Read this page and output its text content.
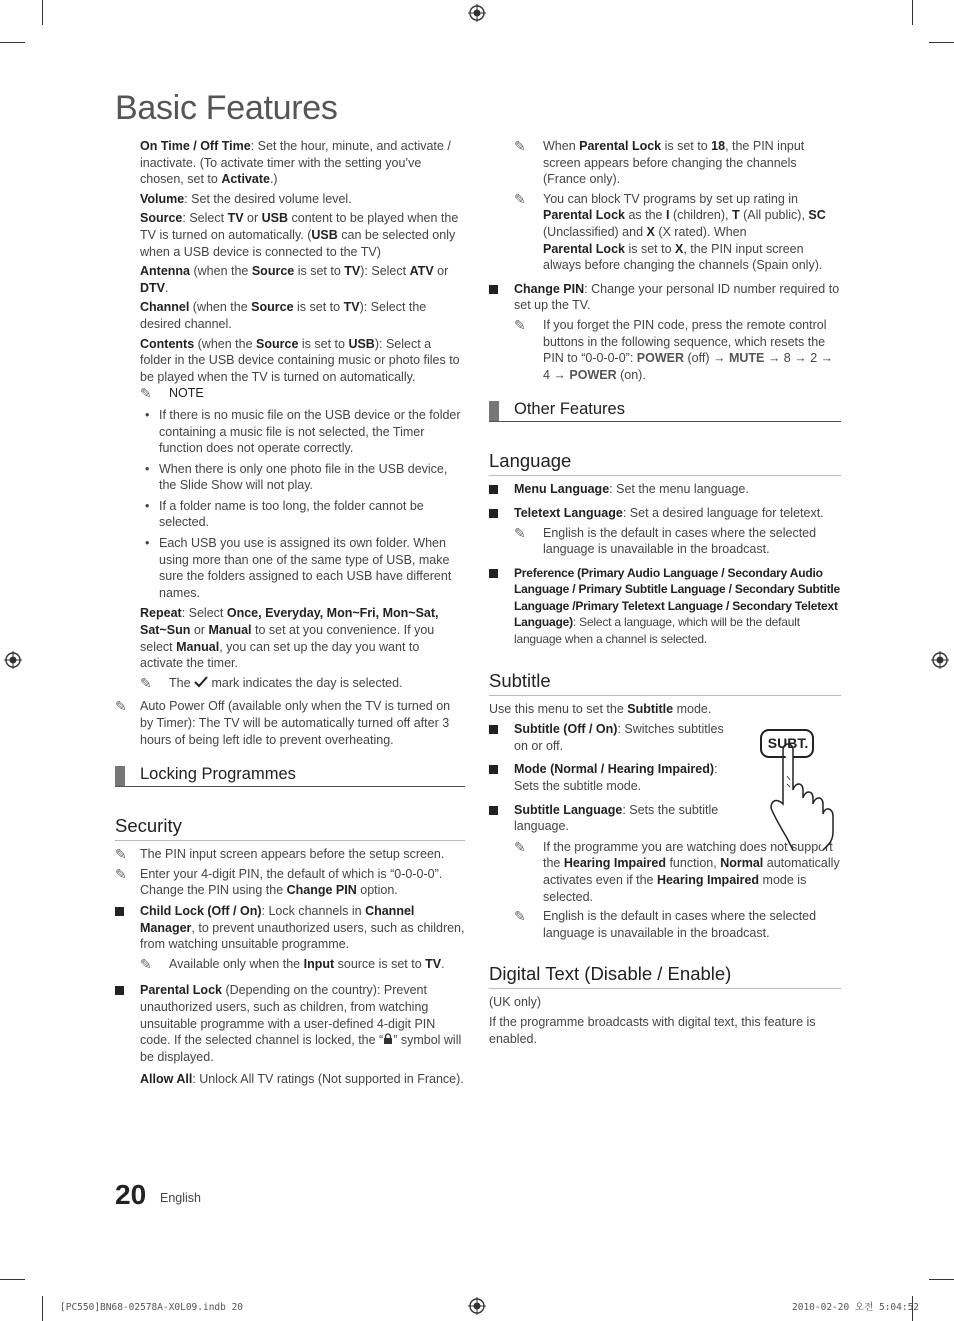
Basic Features

On Time / Off Time: Set the hour, minute, and activate / inactivate. (To activate timer with the setting you’ve chosen, set to Activate.)

Volume: Set the desired volume level.

Source: Select TV or USB content to be played when the TV is turned on automatically. (USB can be selected only when a USB device is connected to the TV)

Antenna (when the Source is set to TV): Select ATV or DTV.

Channel (when the Source is set to TV): Select the desired channel.

Contents (when the Source is set to USB): Select a folder in the USB device containing music or photo files to be played when the TV is turned on automatically.

✎ NOTE
• If there is no music file on the USB device or the folder containing a music file is not selected, the Timer function does not operate correctly.
• When there is only one photo file in the USB device, the Slide Show will not play.
• If a folder name is too long, the folder cannot be selected.
• Each USB you use is assigned its own folder. When using more than one of the same type of USB, make sure the folders assigned to each USB have different names.

Repeat: Select Once, Everyday, Mon~Fri, Mon~Sat, Sat~Sun or Manual to set at you convenience. If you select Manual, you can set up the day you want to activate the timer.

✎ The  mark indicates the day is selected.
✎ Auto Power Off (available only when the TV is turned on by Timer): The TV will be automatically turned off after 3 hours of being left idle to prevent overheating.
Locking Programmes
Security
✎ The PIN input screen appears before the setup screen.
✎ Enter your 4-digit PIN, the default of which is “0-0-0-0”. Change the PIN using the Change PIN option.
Child Lock (Off / On): Lock channels in Channel Manager, to prevent unauthorized users, such as children, from watching unsuitable programme.
✎ Available only when the Input source is set to TV.
Parental Lock (Depending on the country): Prevent unauthorized users, such as children, from watching unsuitable programme with a user-defined 4-digit PIN code. If the selected channel is locked, the “ ” symbol will be displayed.

Allow All: Unlock All TV ratings (Not supported in France).

✎ When Parental Lock is set to 18, the PIN input screen appears before changing the channels (France only).
✎ You can block TV programs by set up rating in Parental Lock as the I (children), T (All public), SC (Unclassified) and X (X rated). When
Parental Lock is set to X, the PIN input screen always before changing the channels (Spain only).
Change PIN: Change your personal ID number required to set up the TV.
✎ If you forget the PIN code, press the remote control buttons in the following sequence, which resets the PIN to “0-0-0-0”: POWER (off) → MUTE → 8 → 2 → 4 → POWER (on).
Other Features
Language
Menu Language: Set the menu language.
Teletext Language: Set a desired language for teletext.
✎ English is the default in cases where the selected language is unavailable in the broadcast.
Preference (Primary Audio Language / Secondary Audio Language / Primary Subtitle Language / Secondary Subtitle Language /Primary Teletext Language / Secondary Teletext Language): Select a language, which will be the default language when a channel is selected.
Subtitle

Use this menu to set the Subtitle mode.

Subtitle (Off / On): Switches subtitles on or off.
Mode (Normal / Hearing Impaired): Sets the subtitle mode.
Subtitle Language: Sets the subtitle language.
✎ If the programme you are watching does not support the Hearing Impaired function, Normal automatically activates even if the Hearing Impaired mode is selected.
✎ English is the default in cases where the selected language is unavailable in the broadcast.
Digital Text (Disable / Enable)

(UK only)

If the programme broadcasts with digital text, this feature is enabled.

SUBT.
20 English
[PC550]BN68-02578A-X0L09.indb 20	2010-02-20 오전 5:04:52
